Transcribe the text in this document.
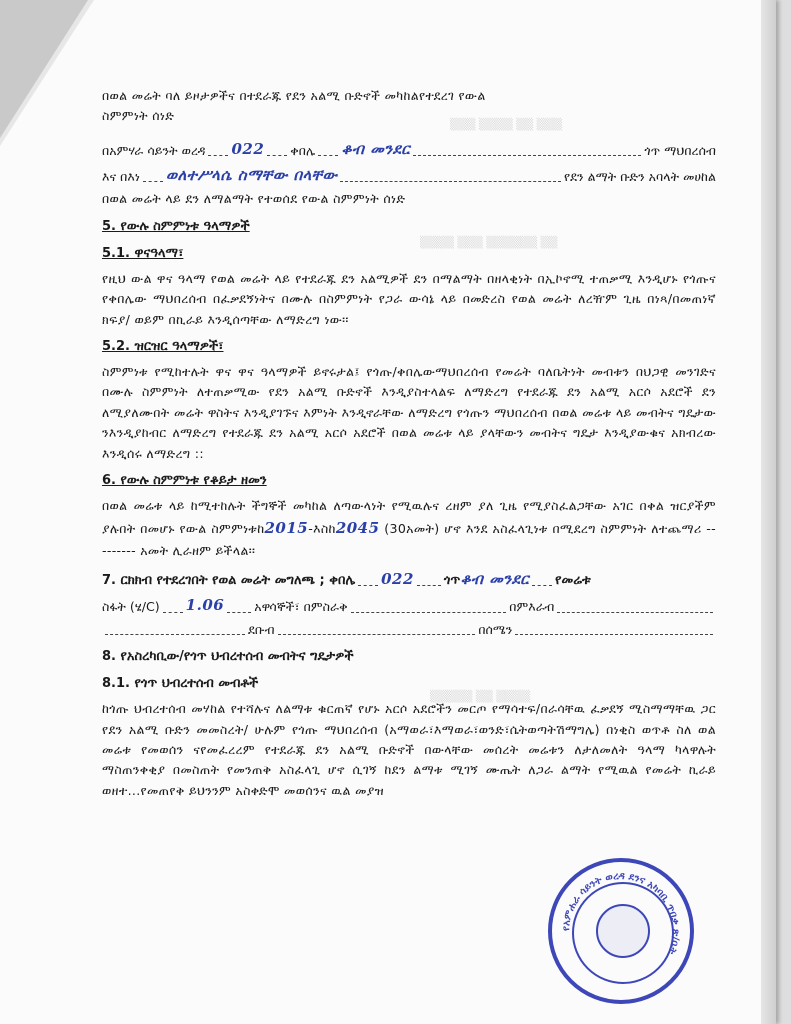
▒▒▒ ▒▒▒▒ ▒▒ ▒▒▒
▒▒▒▒ ▒▒▒ ▒▒▒▒▒▒ ▒▒
▒▒▒▒▒ ▒▒ ▒▒▒▒

በወል መሬት ባለ ይዞታዎችና በተደራጁ የደን አልሚ ቡድኖች መካከልየተደረገ የውል
ስምምነት ሰነድ

በአምሃራ ሳይንት ወረዳ 022 ቀበሌ ቆብ መንደር	ጎጥ ማህበረሰብ
እና በእነ ወለተሥላሴ ስማቸው በላቸው	የደን ልማት ቡድን አባላት መሀከል

በወል መሬት ላይ ደን ለማልማት የተወሰደ የውል ስምምነት ሰነድ

5. የውሉ ስምምነቱ ዓላማዎች
5.1. ዋናዓላማ፣

የዚህ ውል ዋና ዓላማ የወል መሬት ላይ የተደራጁ ደን አልሚዎች ደን በማልማት በዘላቂነት በኢኮኖሚ ተጠቃሚ እንዲሆኑ የጎጡና የቀበሌው ማህበረሰብ በፈቃደኝነትና በሙሉ በስምምነት የጋራ ውሳኔ ላይ በመድረስ የወል መሬት ለረዥም ጊዜ በነጻ/በመጠነኛ ክፍያ/ ወይም በኪራይ እንዲሰጣቸው ለማድረግ ነው፡፡

5.2. ዝርዝር ዓላማዎች፣

ስምምነቱ የሚከተሉት ዋና ዋና ዓላማዎች ይኖሩታል፤ የጎጡ/ቀበሌውማህበረሰብ የመሬት ባለቤትነት መብቱን በህጋዊ መንገድና በሙሉ ስምምነት ለተጠቃሚው የደን አልሚ ቡድኖች እንዲያስተላልፍ ለማድረግ የተደራጁ ደን አልሚ አርሶ አደሮች ደን ለሚያለሙበት መሬት ዋስትና እንዲያገኙና እምነት እንዲኖራቸው ለማድረግ የጎጡን ማህበረሰብ በወል መሬቱ ላይ መብትና ግዴታው ንእንዲያከብር ለማድረግ የተደራጁ ደን አልሚ አርሶ አደሮች በወል መሬቱ ላይ ያላቸውን መብትና ግዴታ እንዲያውቁና አክብረው እንዲሰሩ ለማድረግ ::

6. የውሉ ስምምነቱ የቆይታ ዘመን

በወል መሬቱ ላይ ከሚተከሉት ችግኞች መካከል ለጣውላነት የሚዉሉና ረዘም ያለ ጊዜ የሚያስፈልጋቸው አገር በቀል ዝርያችም ያሉበት በመሆኑ የውል ስምምነቱከ2015-እስከ2045 (30አመት) ሆኖ እንደ አስፈላጊነቱ በሚደረግ ስምምነት ለተጨማሪ --------- አመት ሊራዘም ይችላል፡፡

7. ርክክብ የተደረገበት የወል መሬት መግለጫ ; ቀበሌ 022 ጎጥ ቆብ መንደር የመሬቱ
ስፋት (ሄ/C) 1.06 አዋሳኞች፣ በምስራቅ	በምእራብ
ደቡብ	በሰሜን
8. የአስረካቢው/የጎጥ ህብረተሰብ መብትና ግዴታዎች
8.1. የጎጥ ህብረተሰብ መብቶች

ከጎጡ ህብረተሰብ መሃከል የተሻሉና ለልማቱ ቁርጠኛ የሆኑ አርሶ አደሮችን መርጦ የማሳተፍ/በራሳቸዉ ፈቃደኝ ሚስማማቸዉ ጋር የደን አልሚ ቡድን መመስረት/ ሁሉም የጎጡ ማህበረሰብ (አማወራ፣እማወራ፣ወንድ፣ሴትወጣትሽማግሌ) በነቂስ ወጥቶ ስለ ወል መሬቱ የመወሰን ናየመፈረረም የተደራጁ ደን አልሚ ቡድኖች በውላቸው መሰረት መሬቱን ለታለመለት ዓላማ ካላዋሉት ማስጠንቀቂያ በመስጠት የመንጠቅ አስፈላጊ ሆኖ ሲገኝ ከደን ልማቱ ሚገኝ ሙጤት ለጋራ ልማት የሚዉል የመሬት ኪራይ ወዘተ...የመጠየቅ ይህንንም አስቀድሞ መወሰንና ዉል መያዝ

የአምሐራ ሳይንት ወረዳ ደንና አካባቢ ጥበቃ ጽ/ቤት
